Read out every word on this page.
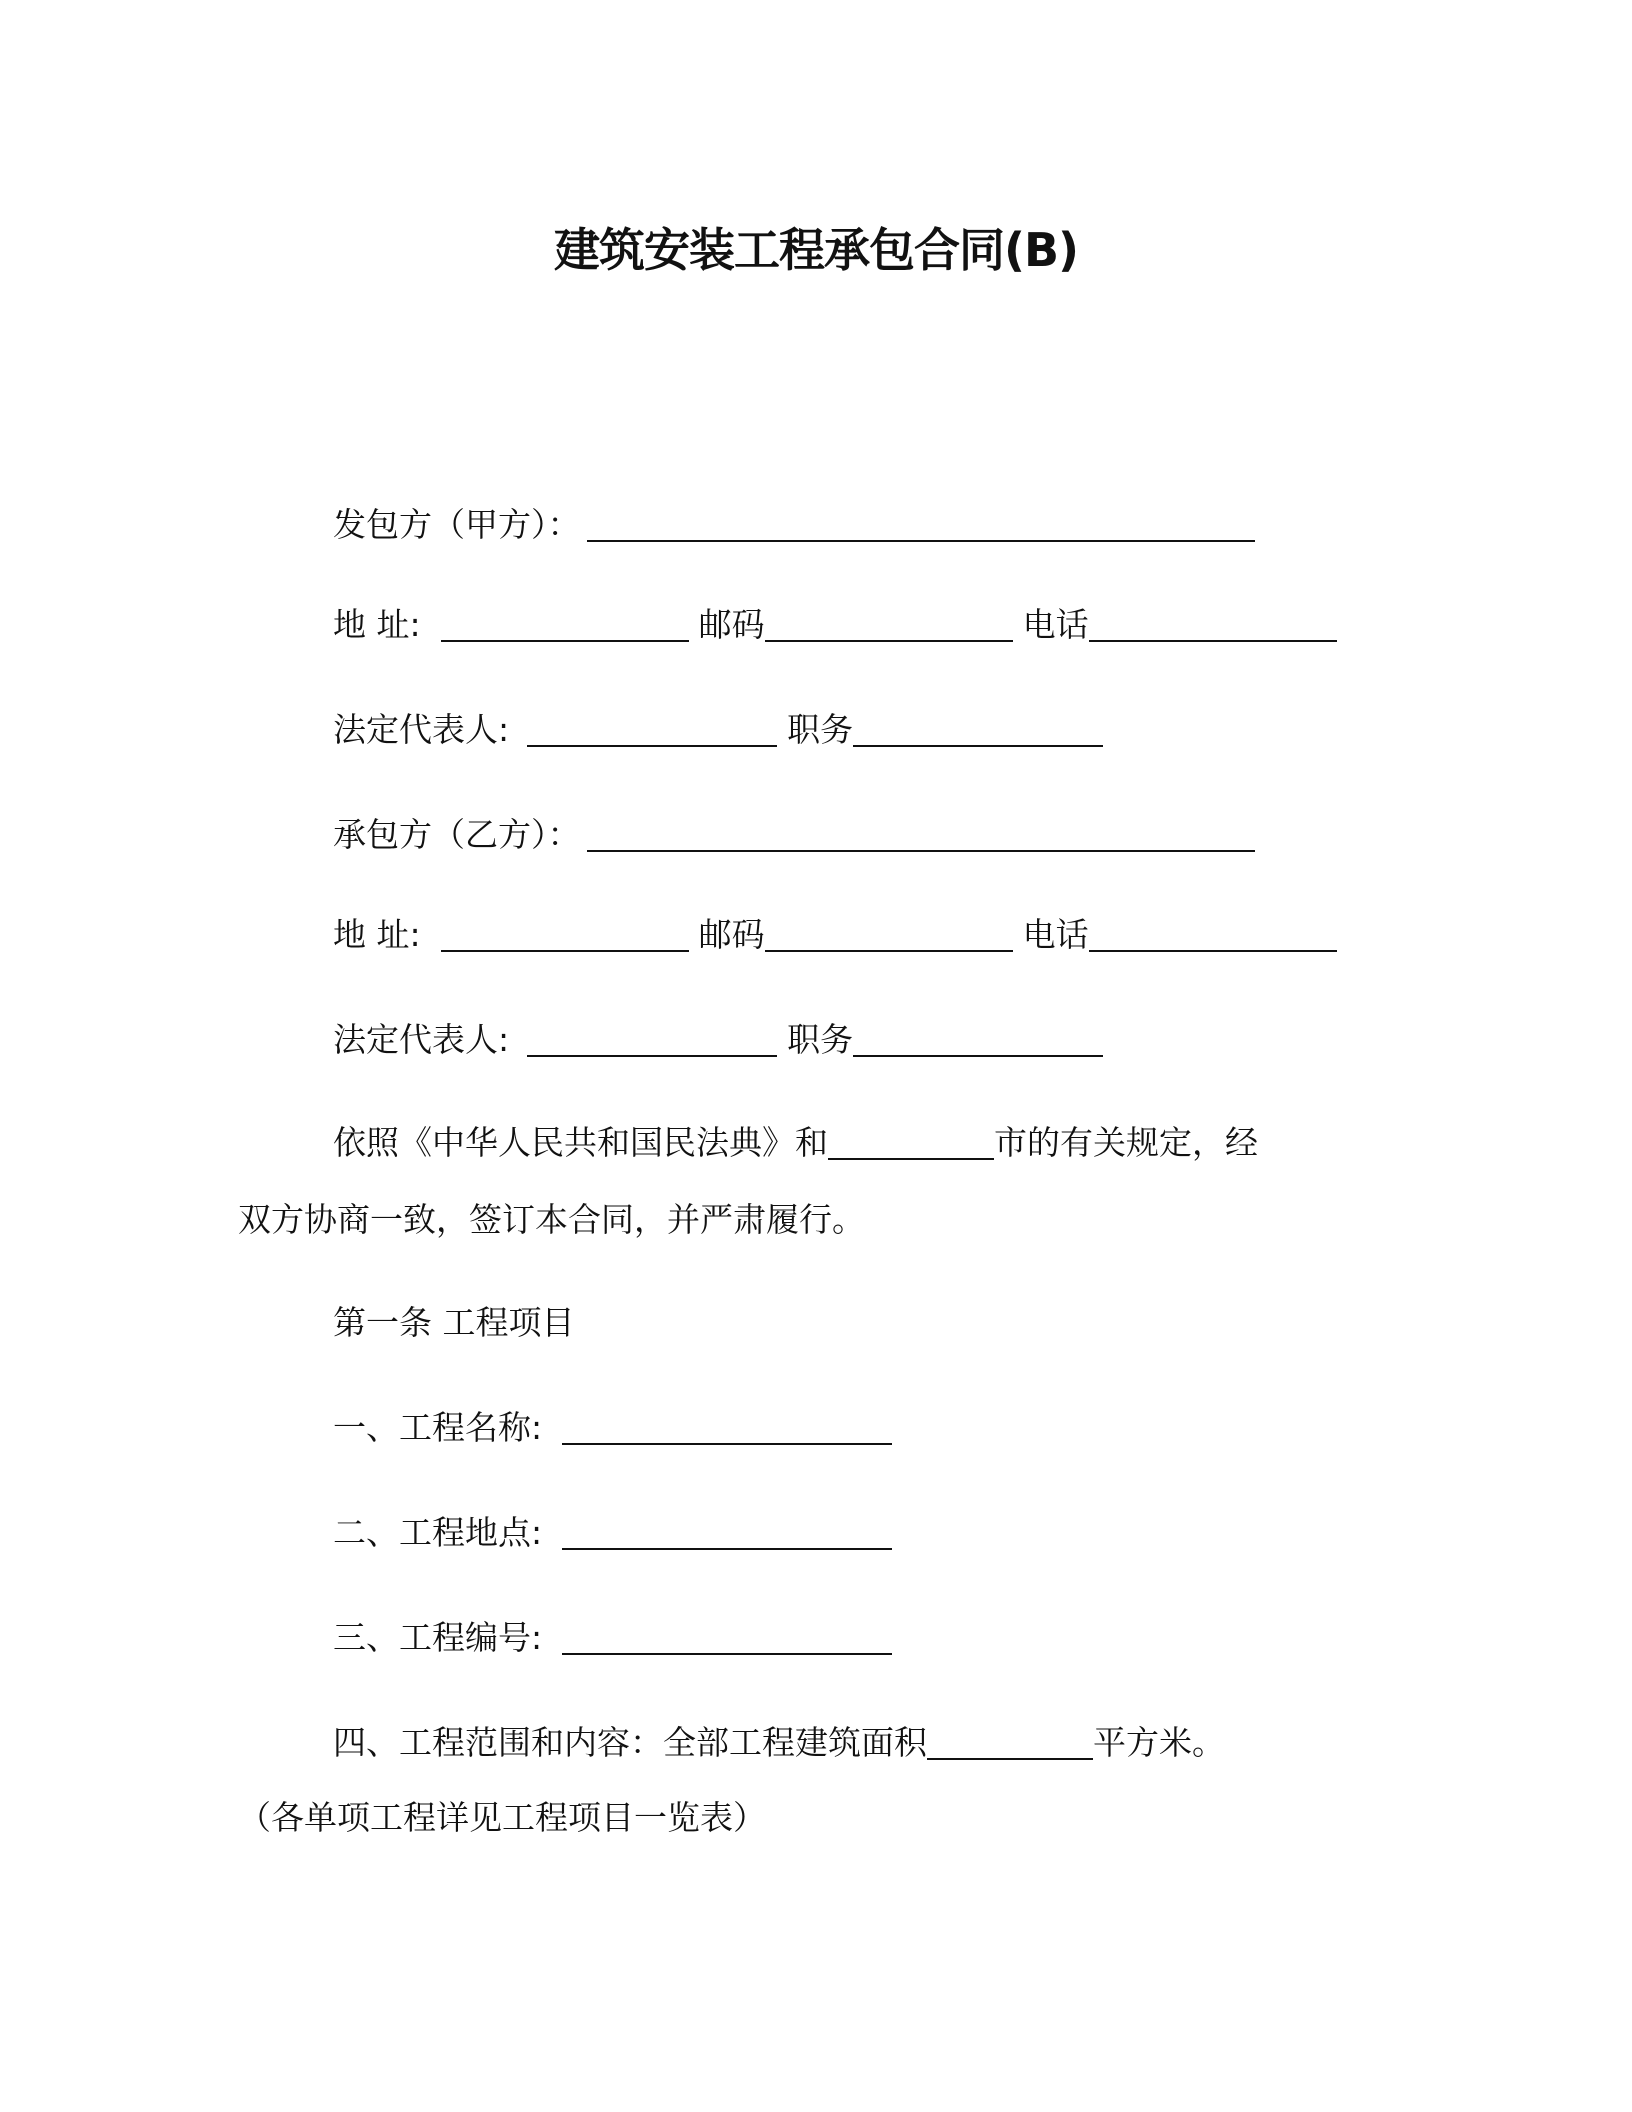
建筑安装工程承包合同(B)
发包方（甲方）：
地 址:	邮码	电话
法定代表人:	职务
承包方（乙方）：
地 址:	邮码	电话
法定代表人:	职务
依照《中华人民共和国民法典》和	市的有关规定，经
双方协商一致，签订本合同，并严肃履行。
第一条 工程项目
一、工程名称:
二、工程地点:
三、工程编号:
四、工程范围和内容：全部工程建筑面积	平方米。
（各单项工程详见工程项目一览表）
